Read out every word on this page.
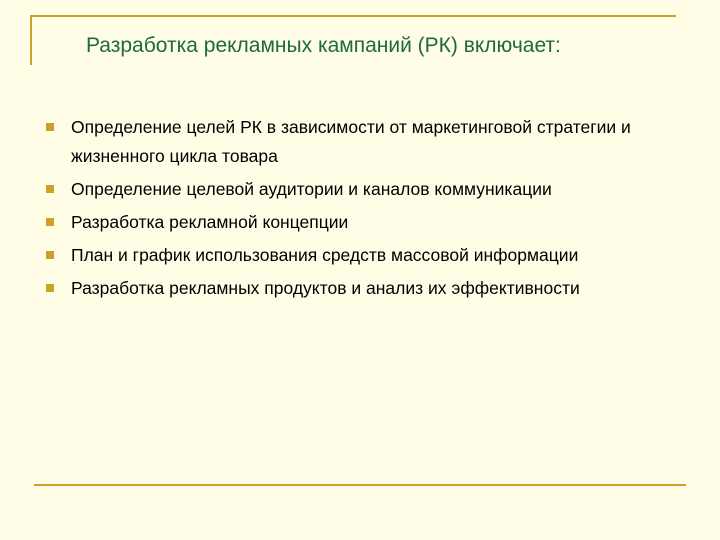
Разработка рекламных кампаний (РК) включает:
Определение целей РК в зависимости от маркетинговой стратегии и жизненного цикла товара
Определение целевой аудитории и каналов коммуникации
Разработка рекламной концепции
План и график использования средств массовой информации
Разработка рекламных продуктов и анализ их эффективности
